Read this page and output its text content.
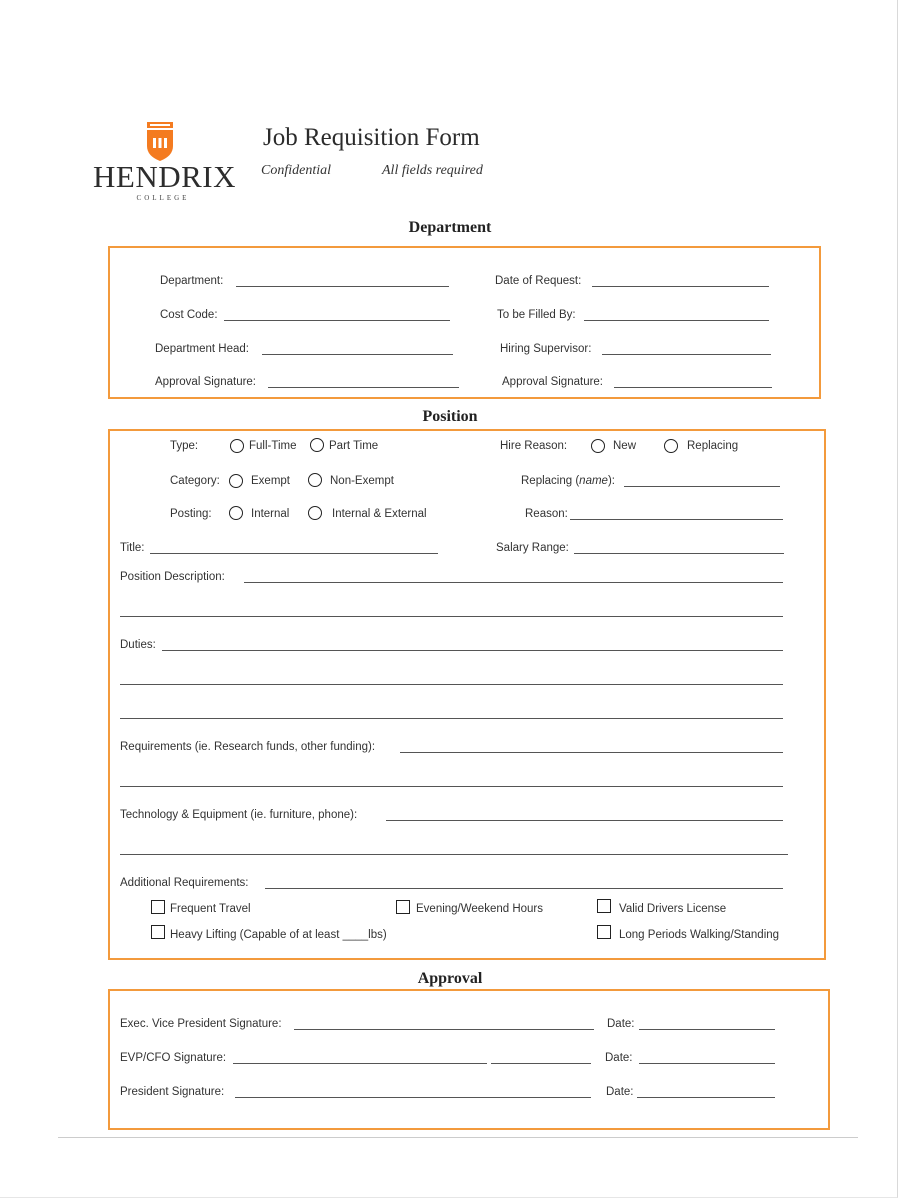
HENDRIX
COLLEGE
Job Requisition Form
Confidential	All fields required
Department
Department:	Date of Request:
Cost Code:	To be Filled By:
Department Head:	Hiring Supervisor:
Approval Signature:	Approval Signature:
Position
Type:	Full-Time	Part Time	Hire Reason:	New	Replacing
Category:	Exempt	Non-Exempt	Replacing (name):
Posting:	Internal	Internal & External	Reason:
Title:	Salary Range:
Position Description:
Duties:
Requirements (ie. Research funds, other funding):
Technology & Equipment (ie. furniture, phone):
Additional Requirements:
Frequent Travel	Evening/Weekend Hours	Valid Drivers License
Heavy Lifting (Capable of at least ____lbs)	Long Periods Walking/Standing
Approval
Exec. Vice President Signature:	Date:
EVP/CFO Signature:	Date:
President Signature:	Date:
